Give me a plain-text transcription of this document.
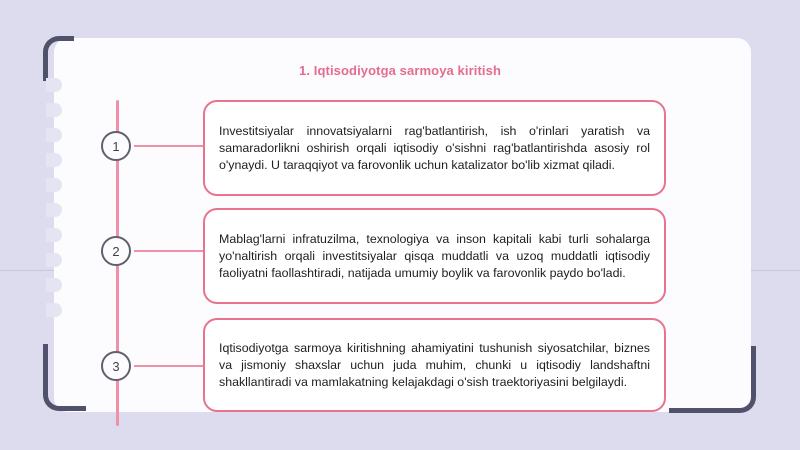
1. Iqtisodiyotga sarmoya kiritish
1

Investitsiyalar innovatsiyalarni rag'batlantirish, ish o'rinlari yaratish va samaradorlikni oshirish orqali iqtisodiy o'sishni rag'batlantirishda asosiy rol o'ynaydi. U taraqqiyot va farovonlik uchun katalizator bo'lib xizmat qiladi.

2

Mablag'larni infratuzilma, texnologiya va inson kapitali kabi turli sohalarga yo'naltirish orqali investitsiyalar qisqa muddatli va uzoq muddatli iqtisodiy faoliyatni faollashtiradi, natijada umumiy boylik va farovonlik paydo bo'ladi.

3

Iqtisodiyotga sarmoya kiritishning ahamiyatini tushunish siyosatchilar, biznes va jismoniy shaxslar uchun juda muhim, chunki u iqtisodiy landshaftni shakllantiradi va mamlakatning kelajakdagi o'sish traektoriyasini belgilaydi.
